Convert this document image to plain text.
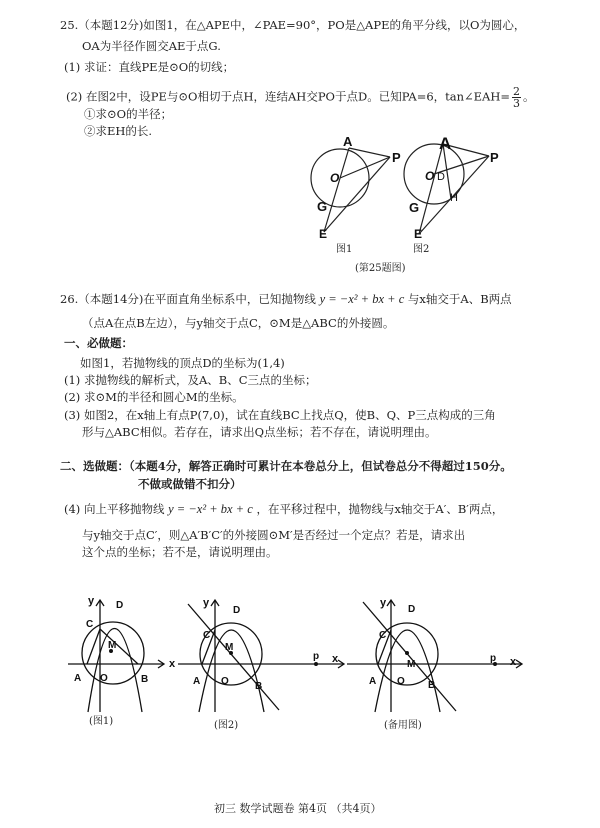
25.（本题12分)如图1，在△APE中，∠PAE=90°，PO是△APE的角平分线，以O为圆心，
OA为半径作圆交AE于点G.
(1) 求证：直线PE是⊙O的切线；
(2) 在图2中，设PE与⊙O相切于点H，连结AH交PO于点D。已知PA=6，tan∠EAH= $\frac{2}{3}$ 。
①求⊙O的半径；
②求EH的长.
A
P
O
G
E
A
P
O D
G
H
E
图1	图2
(第25题图)
26.（本题14分)在平面直角坐标系中，已知抛物线 y = −x² + bx + c 与x轴交于A、B两点
（点A在点B左边），与y轴交于点C，⊙M是△ABC的外接圆。
一、必做题：
如图1，若抛物线的顶点D的坐标为(1,4)
(1) 求抛物线的解析式，及A、B、C三点的坐标；
(2) 求⊙M的半径和圆心M的坐标。
(3) 如图2，在x轴上有点P(7,0)，试在直线BC上找点Q，使B、Q、P三点构成的三角
形与△ABC相似。若存在，请求出Q点坐标；若不存在，请说明理由。
二、选做题：（本题4分，解答正确时可累计在本卷总分上，但试卷总分不得超过150分。
不做或做错不扣分）
(4) 向上平移抛物线 y = −x² + bx + c ，在平移过程中，抛物线与x轴交于A′、B′两点，
与y轴交于点C′，则△A′B′C′的外接圆⊙M′是否经过一个定点？若是，请求出
这个点的坐标；若不是，请说明理由。
y D
C
M
x
A O	B
y
D
C
M
p x
A O	B
y
D
C
M
p x
A O B
(图1)	(图2)	(备用图)
初三 数学试题卷 第4页 （共4页）
